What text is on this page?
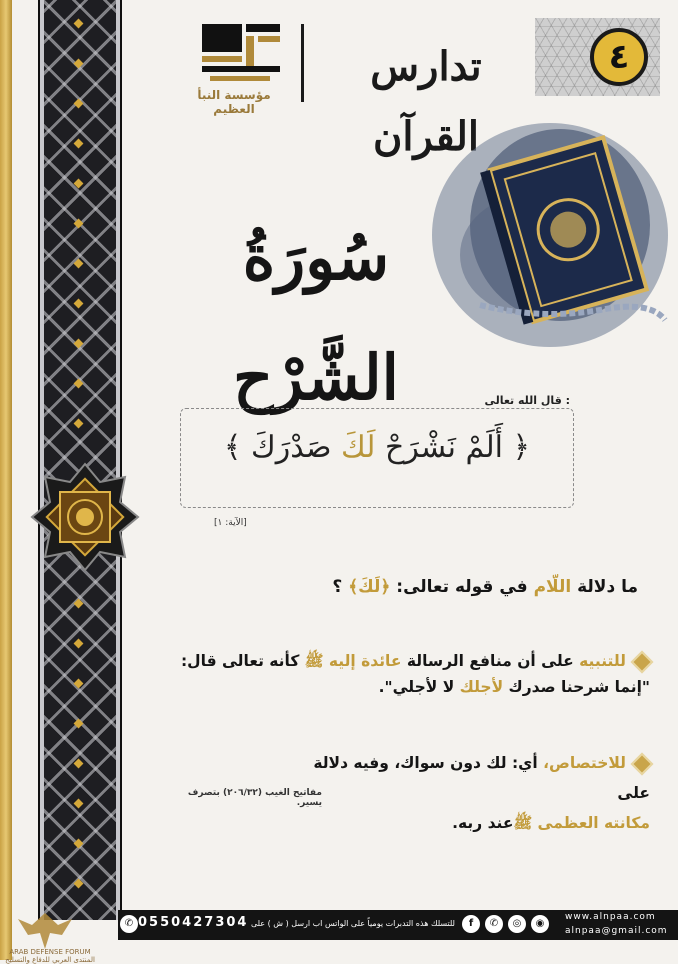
مؤسسة النبأ العظيم
تدارس القرآن
٤
سُورَةُ الشَّرْح	قال الله تعالى :
﴿ أَلَمْ نَشْرَحْ لَكَ صَدْرَكَ ﴾
[الآية: ١]
ما دلالة اللّام في قوله تعالى: ﴿لَكَ﴾ ؟
للتنبيه على أن منافع الرسالة عائدة إليه ﷺ كأنه تعالى قال:
"إنما شرحنا صدرك لأجلك لا لأجلي".
للاختصاص، أي: لك دون سواك، وفيه دلالة على
مكانته العظمى ﷺعند ربه.
مفاتيح الغيب (٢٠٦/٣٢) بتصرف يسير.
✆ 0550427304 للتسلك هذه التدبرات يومياً على الواتس اب ارسل ( ش ) على	f	✆	◎	◉
www.alnpaa.com
alnpaa@gmail.com
ARAB DEFENSE FORUM المنتدى العربي للدفاع والتسليح
